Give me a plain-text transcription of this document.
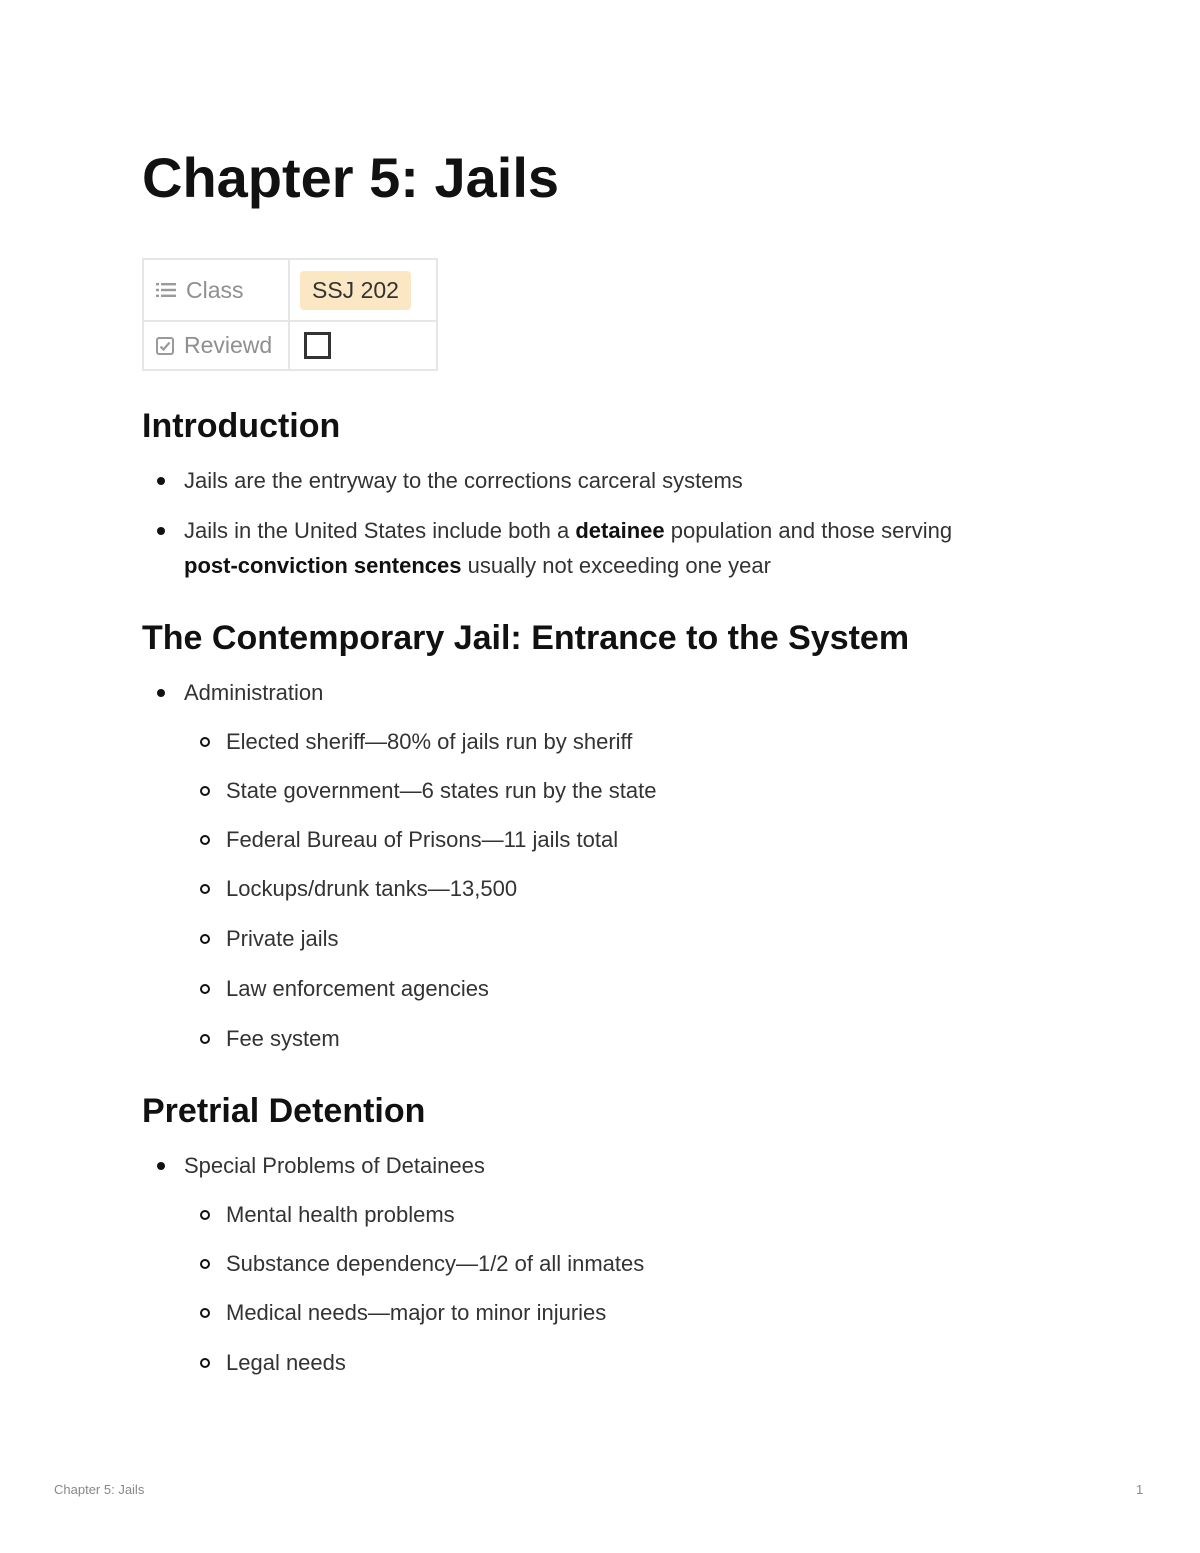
Chapter 5: Jails
Class	SSJ 202

Reviewd	

Introduction
Jails are the entryway to the corrections carceral systems
Jails in the United States include both a detainee population and those serving
post-conviction sentences usually not exceeding one year
The Contemporary Jail: Entrance to the System
Administration
Elected sheriff—80% of jails run by sheriff
State government—6 states run by the state
Federal Bureau of Prisons—11 jails total
Lockups/drunk tanks—13,500
Private jails
Law enforcement agencies
Fee system
Pretrial Detention
Special Problems of Detainees
Mental health problems
Substance dependency—1/2 of all inmates
Medical needs—major to minor injuries
Legal needs
Chapter 5: Jails	1
